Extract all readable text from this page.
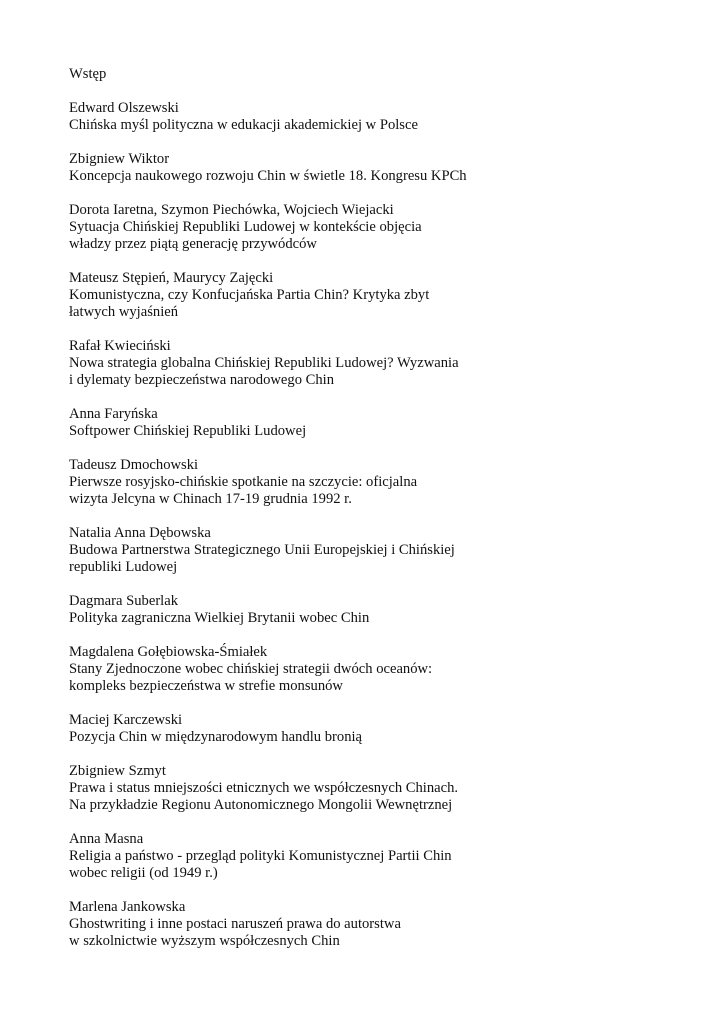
Wstęp
Edward Olszewski
Chińska myśl polityczna w edukacji akademickiej w Polsce
Zbigniew Wiktor
Koncepcja naukowego rozwoju Chin w świetle 18. Kongresu KPCh
Dorota Iaretna, Szymon Piechówka, Wojciech Wiejacki
Sytuacja Chińskiej Republiki Ludowej w kontekście objęcia
władzy przez piątą generację przywódców
Mateusz Stępień, Maurycy Zajęcki
Komunistyczna, czy Konfucjańska Partia Chin? Krytyka zbyt
łatwych wyjaśnień
Rafał Kwieciński
Nowa strategia globalna Chińskiej Republiki Ludowej? Wyzwania
i dylematy bezpieczeństwa narodowego Chin
Anna Faryńska
Softpower Chińskiej Republiki Ludowej
Tadeusz Dmochowski
Pierwsze rosyjsko-chińskie spotkanie na szczycie: oficjalna
wizyta Jelcyna w Chinach 17-19 grudnia 1992 r.
Natalia Anna Dębowska
Budowa Partnerstwa Strategicznego Unii Europejskiej i Chińskiej
republiki Ludowej
Dagmara Suberlak
Polityka zagraniczna Wielkiej Brytanii wobec Chin
Magdalena Gołębiowska-Śmiałek
Stany Zjednoczone wobec chińskiej strategii dwóch oceanów:
kompleks bezpieczeństwa w strefie monsunów
Maciej Karczewski
Pozycja Chin w międzynarodowym handlu bronią
Zbigniew Szmyt
Prawa i status mniejszości etnicznych we współczesnych Chinach.
Na przykładzie Regionu Autonomicznego Mongolii Wewnętrznej
Anna Masna
Religia a państwo - przegląd polityki Komunistycznej Partii Chin
wobec religii (od 1949 r.)
Marlena Jankowska
Ghostwriting i inne postaci naruszeń prawa do autorstwa
w szkolnictwie wyższym współczesnych Chin
